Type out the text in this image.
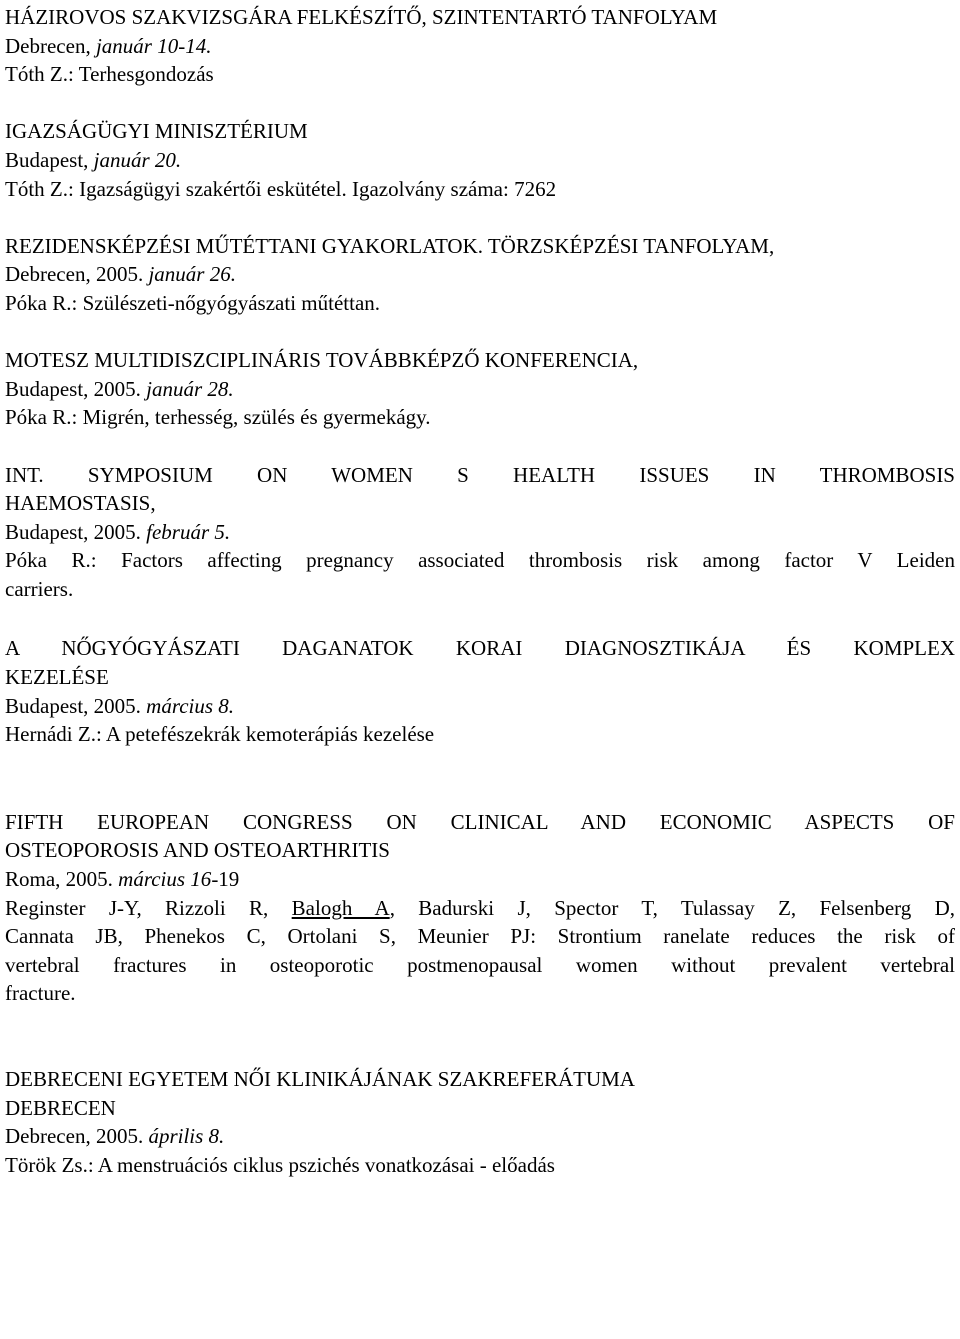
HÁZIROVOS SZAKVIZSGÁRA FELKÉSZÍTŐ, SZINTENTARTÓ TANFOLYAM
Debrecen, január 10-14.
Tóth Z.: Terhesgondozás
IGAZSÁGÜGYI MINISZTÉRIUM
Budapest, január 20.
Tóth Z.: Igazságügyi szakértői eskütétel. Igazolvány száma: 7262
REZIDENSKÉPZÉSI MŰTÉTTANI GYAKORLATOK. TÖRZSKÉPZÉSI TANFOLYAM,
Debrecen, 2005. január 26.
Póka R.: Szülészeti-nőgyógyászati műtéttan.
MOTESZ MULTIDISZCIPLINÁRIS TOVÁBBKÉPZŐ KONFERENCIA,
Budapest, 2005. január 28.
Póka R.: Migrén, terhesség, szülés és gyermekágy.
INT. SYMPOSIUM ON WOMEN S HEALTH ISSUES IN THROMBOSIS
HAEMOSTASIS,
Budapest, 2005. február 5.
Póka R.: Factors affecting pregnancy associated thrombosis risk among factor V Leiden
carriers.
A NŐGYÓGYÁSZATI DAGANATOK KORAI DIAGNOSZTIKÁJA ÉS KOMPLEX
KEZELÉSE
Budapest, 2005. március 8.
Hernádi Z.: A petefészekrák kemoterápiás kezelése
FIFTH EUROPEAN CONGRESS ON CLINICAL AND ECONOMIC ASPECTS OF
OSTEOPOROSIS AND OSTEOARTHRITIS
Roma, 2005. március 16-19
Reginster J-Y, Rizzoli R, Balogh A, Badurski J, Spector T, Tulassay Z, Felsenberg D,
Cannata JB, Phenekos C, Ortolani S, Meunier PJ: Strontium ranelate reduces the risk of
vertebral fractures in osteoporotic postmenopausal women without prevalent vertebral
fracture.
DEBRECENI EGYETEM NŐI KLINIKÁJÁNAK SZAKREFERÁTUMA
DEBRECEN
Debrecen, 2005. április 8.
Török Zs.: A menstruációs ciklus pszichés vonatkozásai - előadás
